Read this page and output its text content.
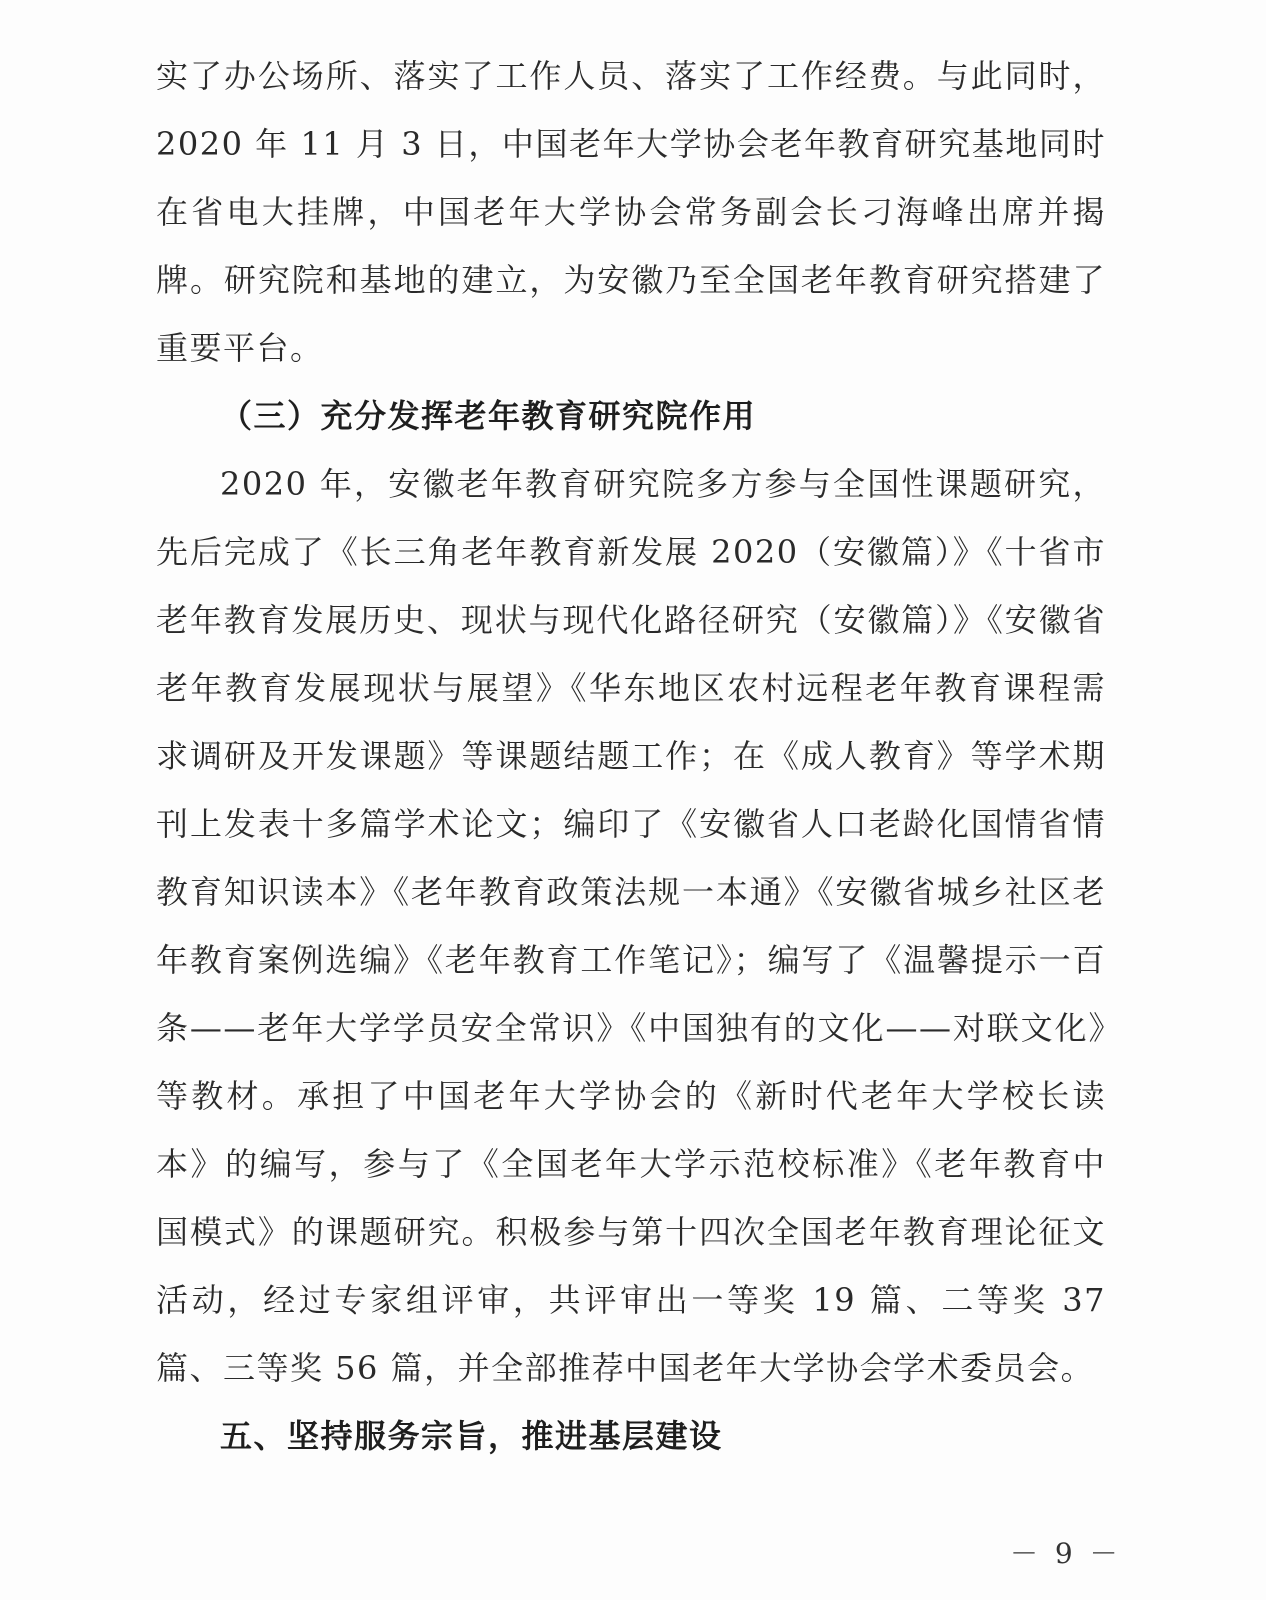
实了办公场所、落实了工作人员、落实了工作经费。与此同时，2020 年 11 月 3 日，中国老年大学协会老年教育研究基地同时在省电大挂牌，中国老年大学协会常务副会长刁海峰出席并揭牌。研究院和基地的建立，为安徽乃至全国老年教育研究搭建了重要平台。

（三）充分发挥老年教育研究院作用

2020 年，安徽老年教育研究院多方参与全国性课题研究，先后完成了《长三角老年教育新发展 2020（安徽篇）》《十省市老年教育发展历史、现状与现代化路径研究（安徽篇）》《安徽省老年教育发展现状与展望》《华东地区农村远程老年教育课程需求调研及开发课题》等课题结题工作；在《成人教育》等学术期刊上发表十多篇学术论文；编印了《安徽省人口老龄化国情省情教育知识读本》《老年教育政策法规一本通》《安徽省城乡社区老年教育案例选编》《老年教育工作笔记》；编写了《温馨提示一百条——老年大学学员安全常识》《中国独有的文化——对联文化》等教材。承担了中国老年大学协会的《新时代老年大学校长读本》的编写，参与了《全国老年大学示范校标准》《老年教育中国模式》的课题研究。积极参与第十四次全国老年教育理论征文活动，经过专家组评审，共评审出一等奖 19 篇、二等奖 37 篇、三等奖 56 篇，并全部推荐中国老年大学协会学术委员会。

五、坚持服务宗旨，推进基层建设

－ 9 －
